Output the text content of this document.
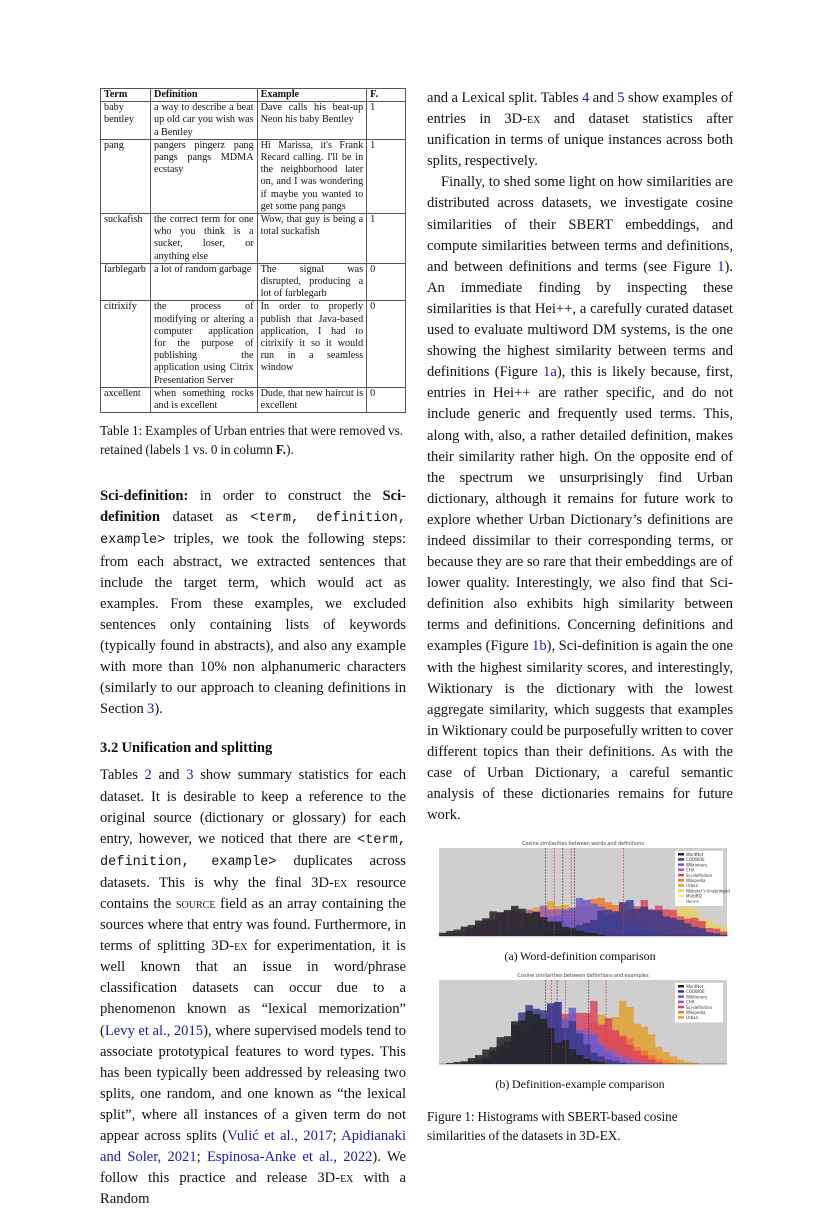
Term	Definition	Example	F.
baby bentley	a way to describe a beat up old car you wish was a Bentley	Dave calls his beat-up Neon his baby Bentley	1
pang	pangers pingerz pang pangs pangs MDMA ecstasy	Hi Marissa, it's Frank Recard calling. I'll be in the neighborhood later on, and I was wondering if maybe you wanted to get some pang pangs	1
suckafish	the correct term for one who you think is a sucker, loser, or anything else	Wow, that guy is being a total suckafish	1
farblegarb	a lot of random garbage	The signal was disrupted, producing a lot of farblegarb	0
citrixify	the process of modifying or altering a computer application for the purpose of publishing the application using Citrix Presentation Server	In order to properly publish that Java-based application, I had to citrixify it so it would run in a seamless window	0
axcellent	when something rocks and is excellent	Dude, that new haircut is excellent	0

Table 1: Examples of Urban entries that were removed vs. retained (labels 1 vs. 0 in column F.).

Sci-definition: in order to construct the Sci-definition dataset as <term, definition, example> triples, we took the following steps: from each abstract, we extracted sentences that include the target term, which would act as examples. From these examples, we excluded sentences only containing lists of keywords (typically found in abstracts), and also any example with more than 10% non alphanumeric characters (similarly to our approach to cleaning definitions in Section 3).

3.2 Unification and splitting

Tables 2 and 3 show summary statistics for each dataset. It is desirable to keep a reference to the original source (dictionary or glossary) for each entry, however, we noticed that there are <term, definition, example> duplicates across datasets. This is why the final 3D-ex resource contains the source field as an array containing the sources where that entry was found. Furthermore, in terms of splitting 3D-ex for experimentation, it is well known that an issue in word/phrase classification datasets can occur due to a phenomenon known as “lexical memorization” (Levy et al., 2015), where supervised models tend to associate prototypical features to word types. This has been typically been addressed by releasing two splits, one random, and one known as “the lexical split”, where all instances of a given term do not appear across splits (Vulić et al., 2017; Apidianaki and Soler, 2021; Espinosa-Anke et al., 2022). We follow this practice and release 3D-ex with a Random

and a Lexical split. Tables 4 and 5 show examples of entries in 3D-ex and dataset statistics after unification in terms of unique instances across both splits, respectively.

Finally, to shed some light on how similarities are distributed across datasets, we investigate cosine similarities of their SBERT embeddings, and compute similarities between terms and definitions, and between definitions and terms (see Figure 1). An immediate finding by inspecting these similarities is that Hei++, a carefully curated dataset used to evaluate multiword DM systems, is the one showing the highest similarity between terms and definitions (Figure 1a), this is likely because, first, entries in Hei++ are rather specific, and do not include generic and frequently used terms. This, along with, also, a rather detailed definition, makes their similarity rather high. On the opposite end of the spectrum we unsurprisingly find Urban dictionary, although it remains for future work to explore whether Urban Dictionary’s definitions are indeed dissimilar to their corresponding terms, or because they are so rare that their embeddings are of lower quality. Interestingly, we also find that Sci-definition also exhibits high similarity between terms and definitions. Concerning definitions and examples (Figure 1b), Sci-definition is again the one with the highest similarity scores, and interestingly, Wiktionary is the dictionary with the lowest aggregate similarity, which suggests that examples in Wiktionary could be purposefully written to cover different topics than their definitions. As with the case of Urban Dictionary, a careful semantic analysis of these dictionaries remains for future work.

Cosine similarities between words and definitions
WordNet
CODWOE
Wiktionary
CHA
Sci-definition
Wikipedia
Urban
Webster's Unabridged
MultiRD
Hei++
(a) Word-definition comparison
Cosine similarities between definitions and examples
WordNet
CODWOE
Wiktionary
CHA
Sci-definition
Wikipedia
Urban
(b) Definition-example comparison
Figure 1: Histograms with SBERT-based cosine similarities of the datasets in 3D-EX.
